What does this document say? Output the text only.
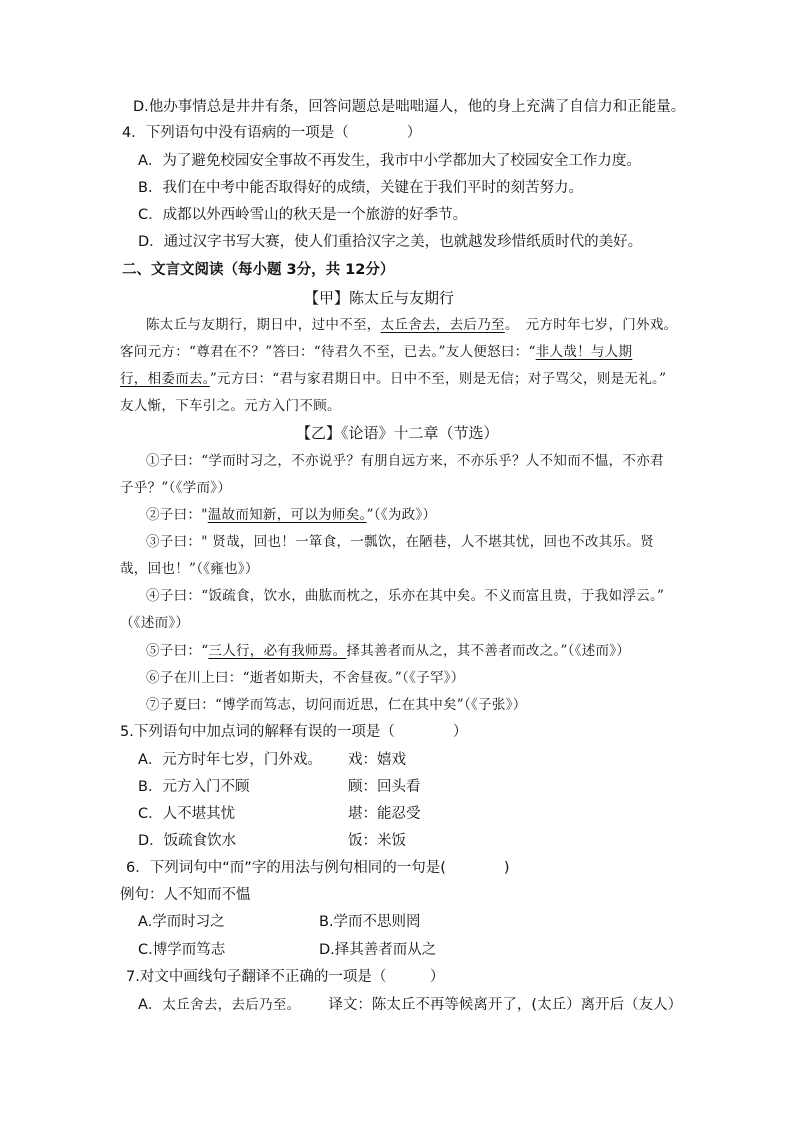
D.他办事情总是井井有条，回答问题总是咄咄逼人，他的身上充满了自信力和正能量。
4．下列语句中没有语病的一项是（　　　　）
A．为了避免校园安全事故不再发生，我市中小学都加大了校园安全工作力度。
B．我们在中考中能否取得好的成绩，关键在于我们平时的刻苦努力。
C．成都以外西岭雪山的秋天是一个旅游的好季节。
D．通过汉字书写大赛，使人们重拾汉字之美，也就越发珍惜纸质时代的美好。
二、文言文阅读（每小题 3分，共 12分）
【甲】陈太丘与友期行
陈太丘与友期行，期日中，过中不至，太丘舍去，去后乃至。　元方时年七岁，门外戏。
客问元方：“尊君在不？”答曰：“待君久不至，已去。”友人便怒曰：“非人哉！与人期
行，相委而去。”元方曰：“君与家君期日中。日中不至，则是无信；对子骂父，则是无礼。”
友人惭，下车引之。元方入门不顾。
【乙】《论语》十二章（节选）
①子曰：“学而时习之，不亦说乎？有朋自远方来，不亦乐乎？人不知而不愠，不亦君
子乎？”（《学而》）
②子曰："温故而知新，可以为师矣。”（《为政》）
③子曰：" 贤哉，回也！一箪食，一瓢饮，在陋巷，人不堪其忧，回也不改其乐。贤
哉，回也！”（《雍也》）
④子曰：“饭疏食，饮水，曲肱而枕之，乐亦在其中矣。不义而富且贵，于我如浮云。”
（《述而》）
⑤子曰：“三人行，必有我师焉。择其善者而从之，其不善者而改之。”（《述而》）
⑥子在川上曰：“逝者如斯夫，不舍昼夜。”（《子罕》）
⑦子夏曰：“博学而笃志，切问而近思，仁在其中矣”（《子张》）
5.下列语句中加点词的解释有误的一项是（　　　　）
A．元方时年七岁，门外戏。 戏：嬉戏
B．元方入门不顾	顾：回头看
C．人不堪其忧	堪：能忍受
D．饭疏食饮水	饭：米饭
6．下列词句中“而”字的用法与例句相同的一句是(　　　　)
例句：人不知而不愠
A.学而时习之	B.学而不思则罔
C.博学而笃志	D.择其善者而从之
7.对文中画线句子翻译不正确的一项是（　　　）
A．太丘舍去，去后乃至。 译文：陈太丘不再等候离开了，(太丘）离开后（友人）
